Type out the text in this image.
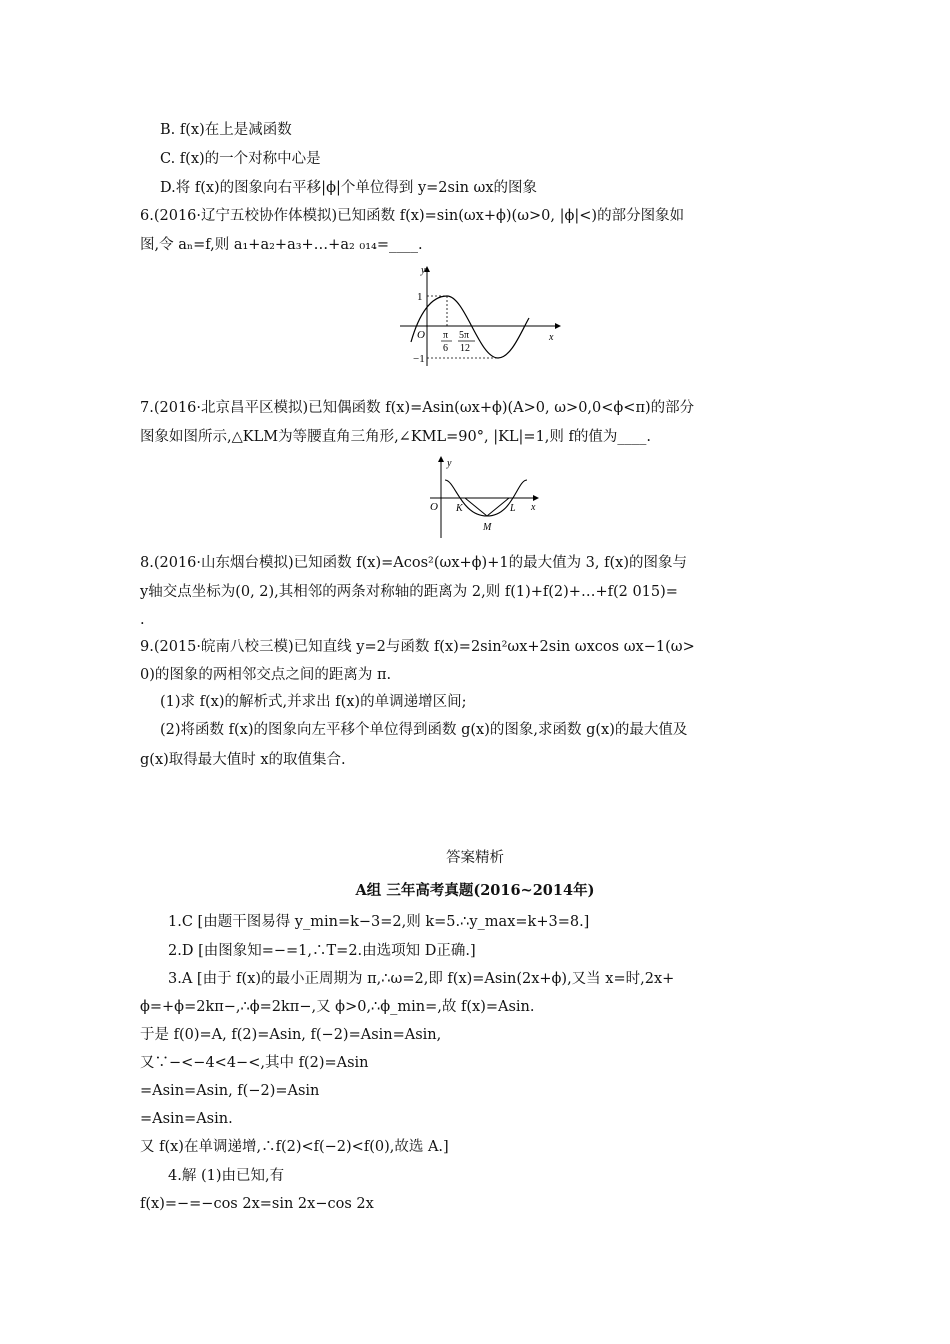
B. f(x)在上是减函数
C. f(x)的一个对称中心是
D.将 f(x)的图象向右平移|ϕ|个单位得到 y=2sin ωx的图象
6.(2016·辽宁五校协作体模拟)已知函数 f(x)=sin(ωx+ϕ)(ω>0, |ϕ|<)的部分图象如
图,令 aₙ=f,则 a₁+a₂+a₃+…+a₂ ₀₁₄=____.
y
x
O
1
−1
π
6
5π
12
7.(2016·北京昌平区模拟)已知偶函数 f(x)=Asin(ωx+ϕ)(A>0, ω>0,0<ϕ<π)的部分
图象如图所示,△KLM为等腰直角三角形,∠KML=90°, |KL|=1,则 f的值为____.
y
x
O K	L
M
8.(2016·山东烟台模拟)已知函数 f(x)=Acos²(ωx+ϕ)+1的最大值为 3, f(x)的图象与
y轴交点坐标为(0, 2),其相邻的两条对称轴的距离为 2,则 f(1)+f(2)+…+f(2 015)=
.
9.(2015·皖南八校三模)已知直线 y=2与函数 f(x)=2sin²ωx+2sin ωxcos ωx−1(ω>
0)的图象的两相邻交点之间的距离为 π.
(1)求 f(x)的解析式,并求出 f(x)的单调递增区间;
(2)将函数 f(x)的图象向左平移个单位得到函数 g(x)的图象,求函数 g(x)的最大值及
g(x)取得最大值时 x的取值集合.
答案精析
A组 三年高考真题(2016~2014年)
1.C [由题干图易得 y_min=k−3=2,则 k=5.∴y_max=k+3=8.]
2.D [由图象知=−=1,∴T=2.由选项知 D正确.]
3.A [由于 f(x)的最小正周期为 π,∴ω=2,即 f(x)=Asin(2x+ϕ),又当 x=时,2x+
ϕ=+ϕ=2kπ−,∴ϕ=2kπ−,又 ϕ>0,∴ϕ_min=,故 f(x)=Asin.
于是 f(0)=A, f(2)=Asin, f(−2)=Asin=Asin,
又∵−<−4<4−<,其中 f(2)=Asin
=Asin=Asin, f(−2)=Asin
=Asin=Asin.
又 f(x)在单调递增,∴f(2)<f(−2)<f(0),故选 A.]
4.解 (1)由已知,有
f(x)=−=−cos 2x=sin 2x−cos 2x
